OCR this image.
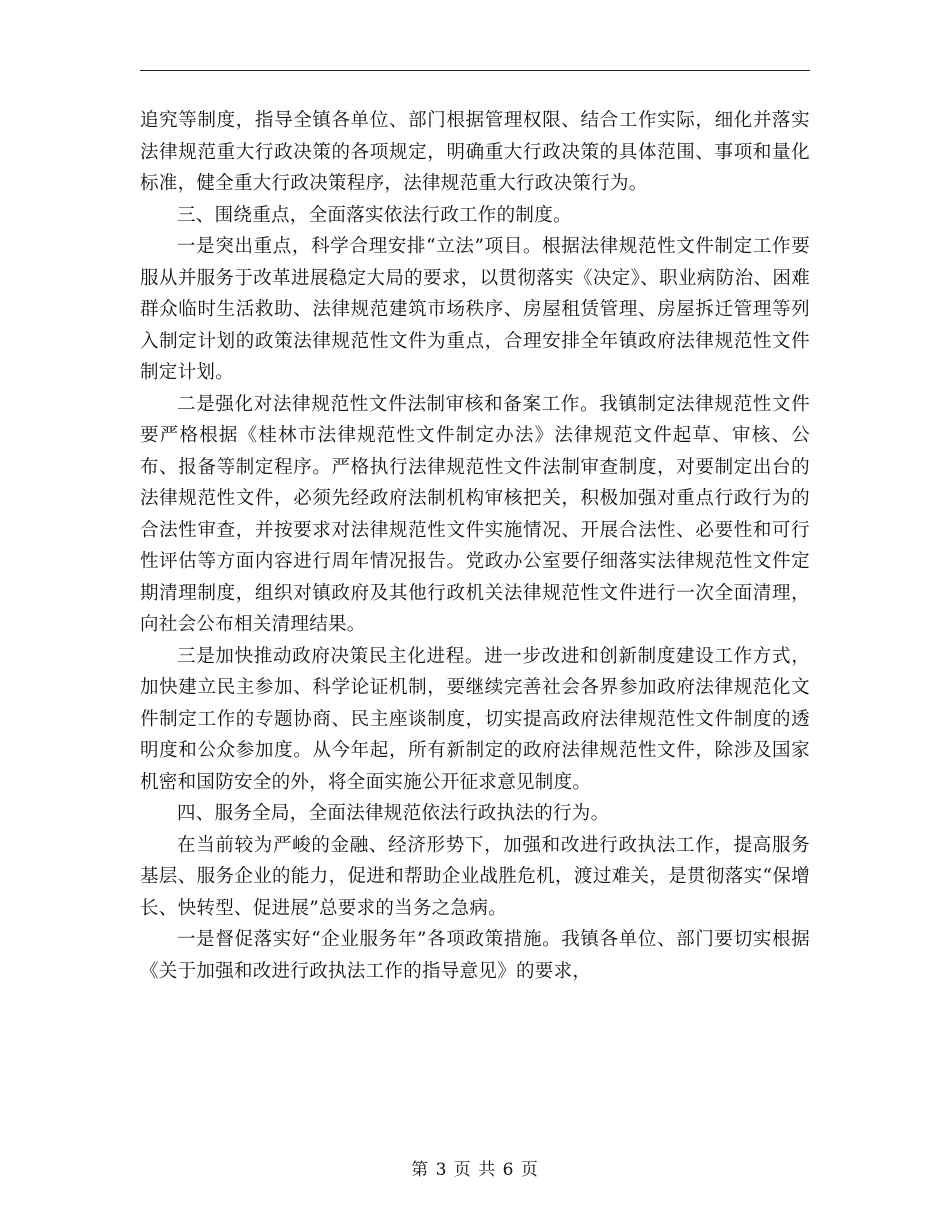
追究等制度，指导全镇各单位、部门根据管理权限、结合工作实际，细化并落实法律规范重大行政决策的各项规定，明确重大行政决策的具体范围、事项和量化标准，健全重大行政决策程序，法律规范重大行政决策行为。

三、围绕重点，全面落实依法行政工作的制度。

一是突出重点，科学合理安排“立法”项目。根据法律规范性文件制定工作要服从并服务于改革进展稳定大局的要求，以贯彻落实《决定》、职业病防治、困难群众临时生活救助、法律规范建筑市场秩序、房屋租赁管理、房屋拆迁管理等列入制定计划的政策法律规范性文件为重点，合理安排全年镇政府法律规范性文件制定计划。

二是强化对法律规范性文件法制审核和备案工作。我镇制定法律规范性文件要严格根据《桂林市法律规范性文件制定办法》法律规范文件起草、审核、公布、报备等制定程序。严格执行法律规范性文件法制审查制度，对要制定出台的法律规范性文件，必须先经政府法制机构审核把关，积极加强对重点行政行为的合法性审查，并按要求对法律规范性文件实施情况、开展合法性、必要性和可行性评估等方面内容进行周年情况报告。党政办公室要仔细落实法律规范性文件定期清理制度，组织对镇政府及其他行政机关法律规范性文件进行一次全面清理，向社会公布相关清理结果。

三是加快推动政府决策民主化进程。进一步改进和创新制度建设工作方式，加快建立民主参加、科学论证机制，要继续完善社会各界参加政府法律规范化文件制定工作的专题协商、民主座谈制度，切实提高政府法律规范性文件制度的透明度和公众参加度。从今年起，所有新制定的政府法律规范性文件，除涉及国家机密和国防安全的外，将全面实施公开征求意见制度。

四、服务全局，全面法律规范依法行政执法的行为。

在当前较为严峻的金融、经济形势下，加强和改进行政执法工作，提高服务基层、服务企业的能力，促进和帮助企业战胜危机，渡过难关，是贯彻落实“保增长、快转型、促进展”总要求的当务之急病。

一是督促落实好“企业服务年”各项政策措施。我镇各单位、部门要切实根据《关于加强和改进行政执法工作的指导意见》的要求，

第 3 页 共 6 页
